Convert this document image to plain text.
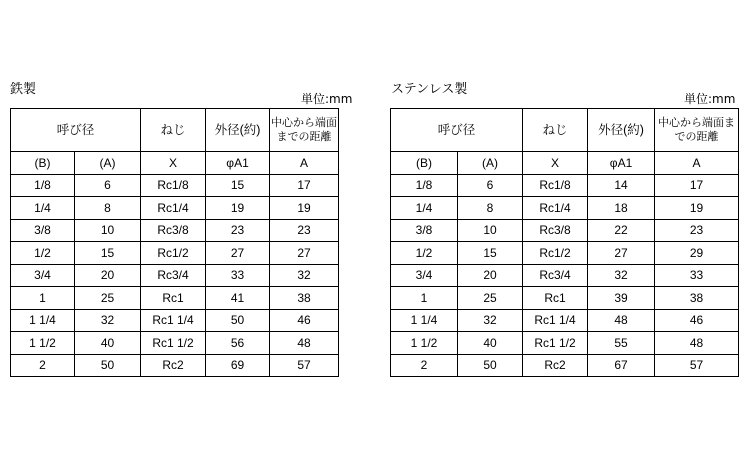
鉄製
単位:mm
呼び径		ねじ	外径(約)	中心から端面までの距離
(B)	(A)	X	φA1	A
1/8	6	Rc1/8	15	17
1/4	8	Rc1/4	19	19
3/8	10	Rc3/8	23	23
1/2	15	Rc1/2	27	27
3/4	20	Rc3/4	33	32
1	25	Rc1	41	38
1 1/4	32	Rc1 1/4	50	46
1 1/2	40	Rc1 1/2	56	48
2	50	Rc2	69	57
ステンレス製
単位:mm
呼び径		ねじ	外径(約)	中心から端面までの距離
(B)	(A)	X	φA1	A
1/8	6	Rc1/8	14	17
1/4	8	Rc1/4	18	19
3/8	10	Rc3/8	22	23
1/2	15	Rc1/2	27	29
3/4	20	Rc3/4	32	33
1	25	Rc1	39	38
1 1/4	32	Rc1 1/4	48	46
1 1/2	40	Rc1 1/2	55	48
2	50	Rc2	67	57
